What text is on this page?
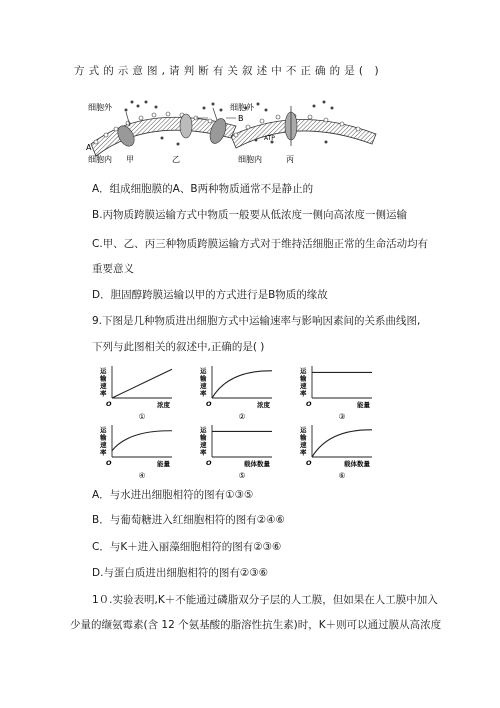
方式的示意图,请判断有关叙述中不正确的是( )
细胞外
A
B
细胞内 甲	乙
细胞外
ATP
细胞内	丙
A．组成细胞膜的A、B两种物质通常不是静止的
B.丙物质跨膜运输方式中物质一般要从低浓度一侧向高浓度一侧运输
C.甲、乙、丙三种物质跨膜运输方式对于维持活细胞正常的生命活动均有
重要意义
D．胆固醇跨膜运输以甲的方式进行是B物质的缘故
9.下图是几种物质进出细胞方式中运输速率与影响因素间的关系曲线图,
下列与此图相关的叙述中,正确的是( )
运
输
速
率
O	浓度
①
运
输
速
率
O	浓度
②
运
输
速
率
O	能量
③
运
输
速
率
O	能量
④
运
输
速
率
O	载体数量
⑤
运
输
速
率
O	载体数量
⑥
A．与水进出细胞相符的图有①③⑤
B．与葡萄糖进入红细胞相符的图有②④⑥
C．与K＋进入丽藻细胞相符的图有②③⑥
D.与蛋白质进出细胞相符的图有②③⑥
1０.实验表明,K＋不能通过磷脂双分子层的人工膜，但如果在人工膜中加入
少量的缬氨霉素(含 12 个氨基酸的脂溶性抗生素)时，K＋则可以通过膜从高浓度
